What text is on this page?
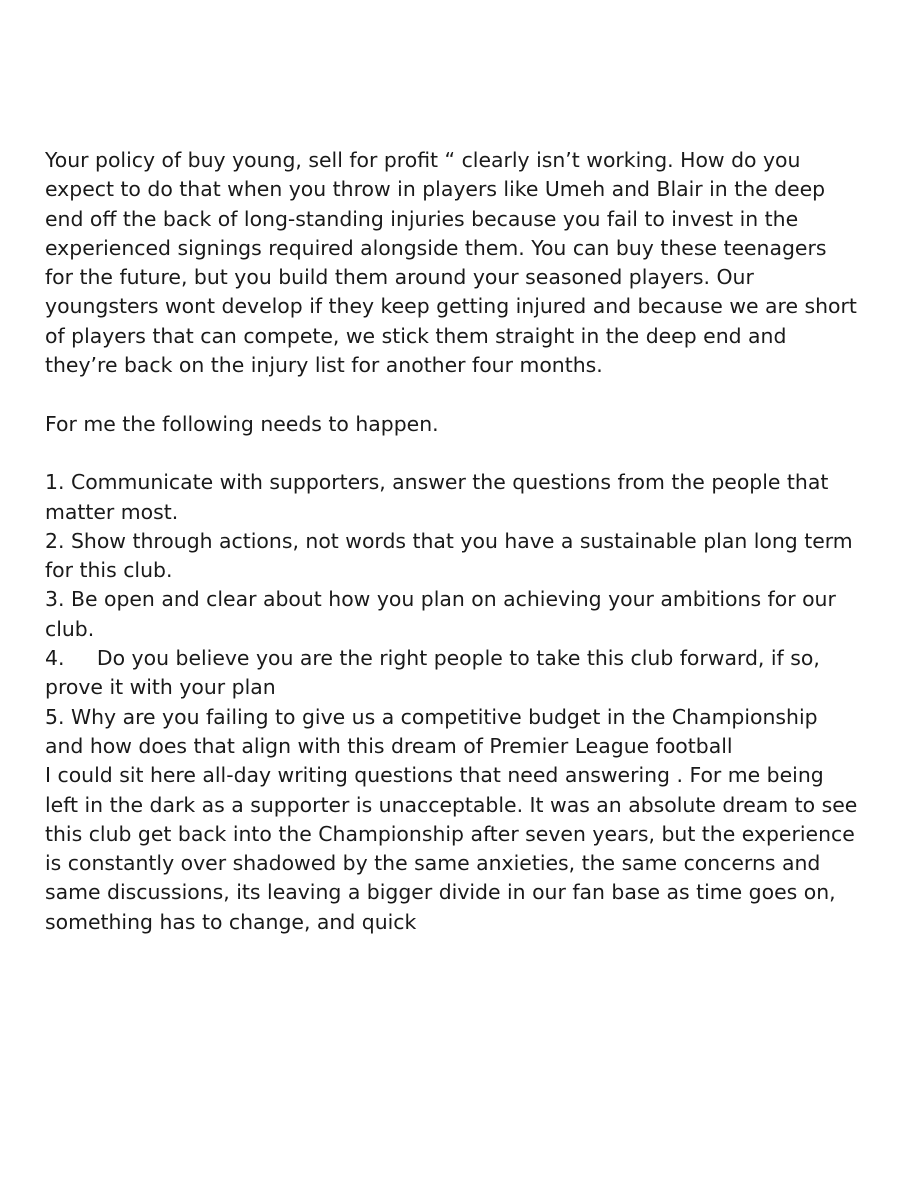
Your policy of buy young, sell for profit “ clearly isn’t working. How do you expect to do that when you throw in players like Umeh and Blair in the deep end off the back of long-standing injuries because you fail to invest in the experienced signings required alongside them. You can buy these teenagers for the future, but you build them around your seasoned players. Our youngsters wont develop if they keep getting injured and because we are short of players that can compete, we stick them straight in the deep end and they’re back on the injury list for another four months.

For me the following needs to happen.

1. Communicate with supporters, answer the questions from the people that matter most.

2. Show through actions, not words that you have a sustainable plan long term for this club.

3. Be open and clear about how you plan on achieving your ambitions for our club.

4. Do you believe you are the right people to take this club forward, if so, prove it with your plan

5. Why are you failing to give us a competitive budget in the Championship and how does that align with this dream of Premier League football

I could sit here all-day writing questions that need answering . For me being left in the dark as a supporter is unacceptable. It was an absolute dream to see this club get back into the Championship after seven years, but the experience is constantly over shadowed by the same anxieties, the same concerns and same discussions, its leaving a bigger divide in our fan base as time goes on, something has to change, and quick
